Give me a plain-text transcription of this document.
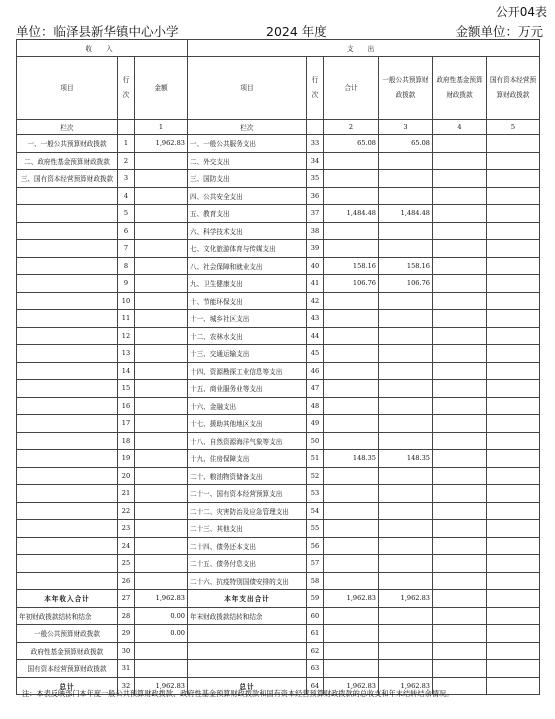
公开04表
单位：临泽县新华镇中心小学	2024 年度	金额单位：万元
收 入			支 出					
项目	行次	金额	项目	行次	合计	一般公共预算财政拨款	政府性基金预算财政拨款	国有资本经营预算财政拨款
栏次		1	栏次		2	3	4	5
一、一般公共预算财政拨款	1	1,962.83	一、一般公共服务支出	33	65.08	65.08		
二、政府性基金预算财政拨款	2		二、外交支出	34				
三、国有资本经营预算财政拨款	3		三、国防支出	35				
	4		四、公共安全支出	36				
	5		五、教育支出	37	1,484.48	1,484.48		
	6		六、科学技术支出	38				
	7		七、文化旅游体育与传媒支出	39				
	8		八、社会保障和就业支出	40	158.16	158.16		
	9		九、卫生健康支出	41	106.76	106.76		
	10		十、节能环保支出	42				
	11		十一、城乡社区支出	43				
	12		十二、农林水支出	44				
	13		十三、交通运输支出	45				
	14		十四、资源勘探工业信息等支出	46				
	15		十五、商业服务业等支出	47				
	16		十六、金融支出	48				
	17		十七、援助其他地区支出	49				
	18		十八、自然资源海洋气象等支出	50				
	19		十九、住房保障支出	51	148.35	148.35		
	20		二十、粮油物资储备支出	52				
	21		二十一、国有资本经营预算支出	53				
	22		二十二、灾害防治及应急管理支出	54				
	23		二十三、其他支出	55				
	24		二十四、债务还本支出	56				
	25		二十五、债务付息支出	57				
	26		二十六、抗疫特别国债安排的支出	58				
本年收入合计	27	1,962.83	本年支出合计	59	1,962.83	1,962.83		
年初财政拨款结转和结余	28	0.00	年末财政拨款结转和结余	60				
一般公共预算财政拨款	29	0.00		61				
政府性基金预算财政拨款	30			62				
国有资本经营预算财政拨款	31			63				
总计	32	1,962.83	总计	64	1,962.83	1,962.83		
注：本表反映部门本年度一般公共预算财政拨款、政府性基金预算财政拨款和国有资本经营预算财政拨款的总收支和年末结转结余情况。
